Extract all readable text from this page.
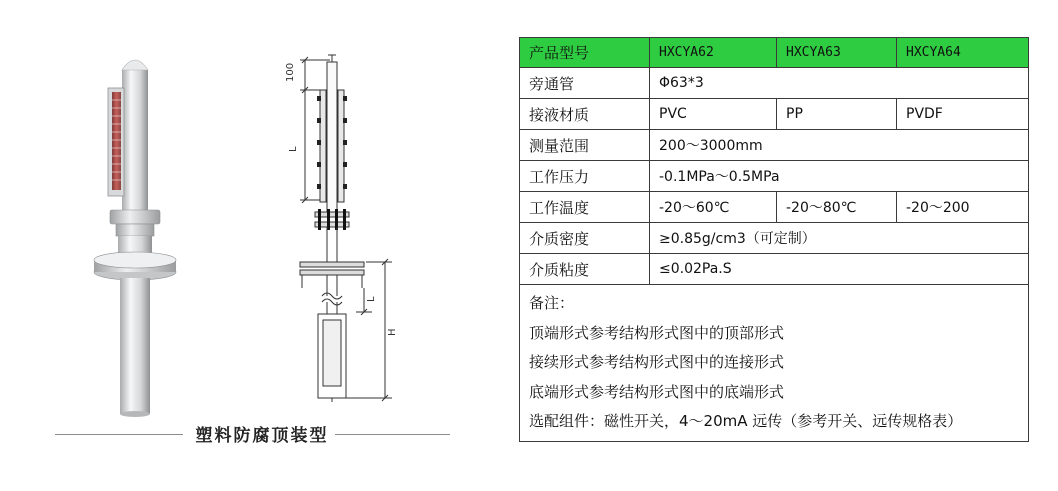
100
L
L
H
塑料防腐顶装型
产品型号	HXCYA62	HXCYA63	HXCYA64
旁通管	Φ63*3		
接液材质	PVC	PP	PVDF
测量范围	200～3000mm		
工作压力	-0.1MPa～0.5MPa		
工作温度	-20～60℃	-20～80℃	-20～200
介质密度	≥0.85g/cm3（可定制）		
介质粘度	≤0.02Pa.S		

备注：
顶端形式参考结构形式图中的顶部形式
接续形式参考结构形式图中的连接形式
底端形式参考结构形式图中的底端形式
选配组件：磁性开关，4～20mA 远传（参考开关、远传规格表）			
